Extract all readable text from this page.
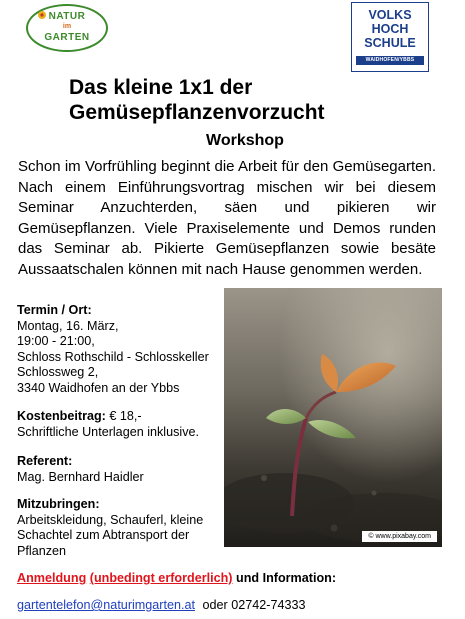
NATUR
im
GARTEN
VOLKS
HOCH
SCHULE
WAIDHOFEN/YBBS
Das kleine 1x1 der
Gemüsepflanzenvorzucht
Workshop
Schon im Vorfrühling beginnt die Arbeit für den Gemüsegarten. Nach einem Einführungsvortrag mischen wir bei diesem Seminar Anzuchterden, säen und pikieren wir Gemüsepflanzen. Viele Praxiselemente und Demos runden das Seminar ab. Pikierte Gemüsepflanzen sowie besäte Aussaatschalen können mit nach Hause genommen werden.
Termin / Ort:
Montag, 16. März,
19:00 - 21:00,
Schloss Rothschild - Schlosskeller
Schlossweg 2,
3340 Waidhofen an der Ybbs
Kostenbeitrag: € 18,-
Schriftliche Unterlagen inklusive.
Referent:
Mag. Bernhard Haidler
Mitzubringen:
Arbeitskleidung, Schauferl, kleine
Schachtel zum Abtransport der
Pflanzen
© www.pixabay.com
Anmeldung (unbedingt erforderlich) und Information:
gartentelefon@naturimgarten.at oder 02742-74333
